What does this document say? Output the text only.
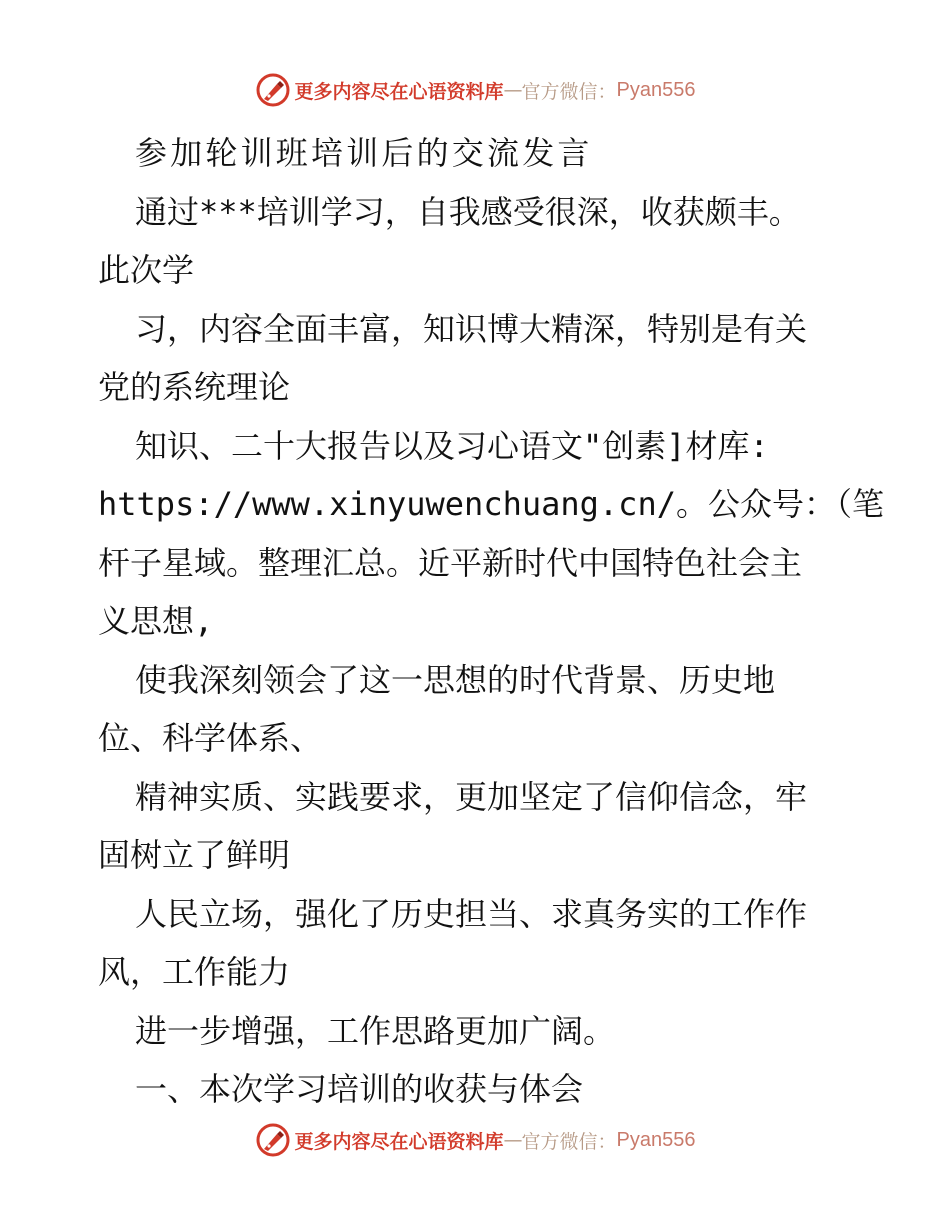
更多内容尽在心语资料库 — 官方微信： Pyan556
参加轮训班培训后的交流发言
通过***培训学习，自我感受很深，收获颇丰。
此次学
习，内容全面丰富，知识博大精深，特别是有关
党的系统理论
知识、二十大报告以及习心语文"创素]材库:
https://www.xinyuwenchuang.cn/。公众号：（笔
杆子星域。整理汇总。近平新时代中国特色社会主
义思想,
使我深刻领会了这一思想的时代背景、历史地
位、科学体系、
精神实质、实践要求，更加坚定了信仰信念，牢
固树立了鲜明
人民立场，强化了历史担当、求真务实的工作作
风，工作能力
进一步增强，工作思路更加广阔。
一、本次学习培训的收获与体会
更多内容尽在心语资料库 — 官方微信： Pyan556
